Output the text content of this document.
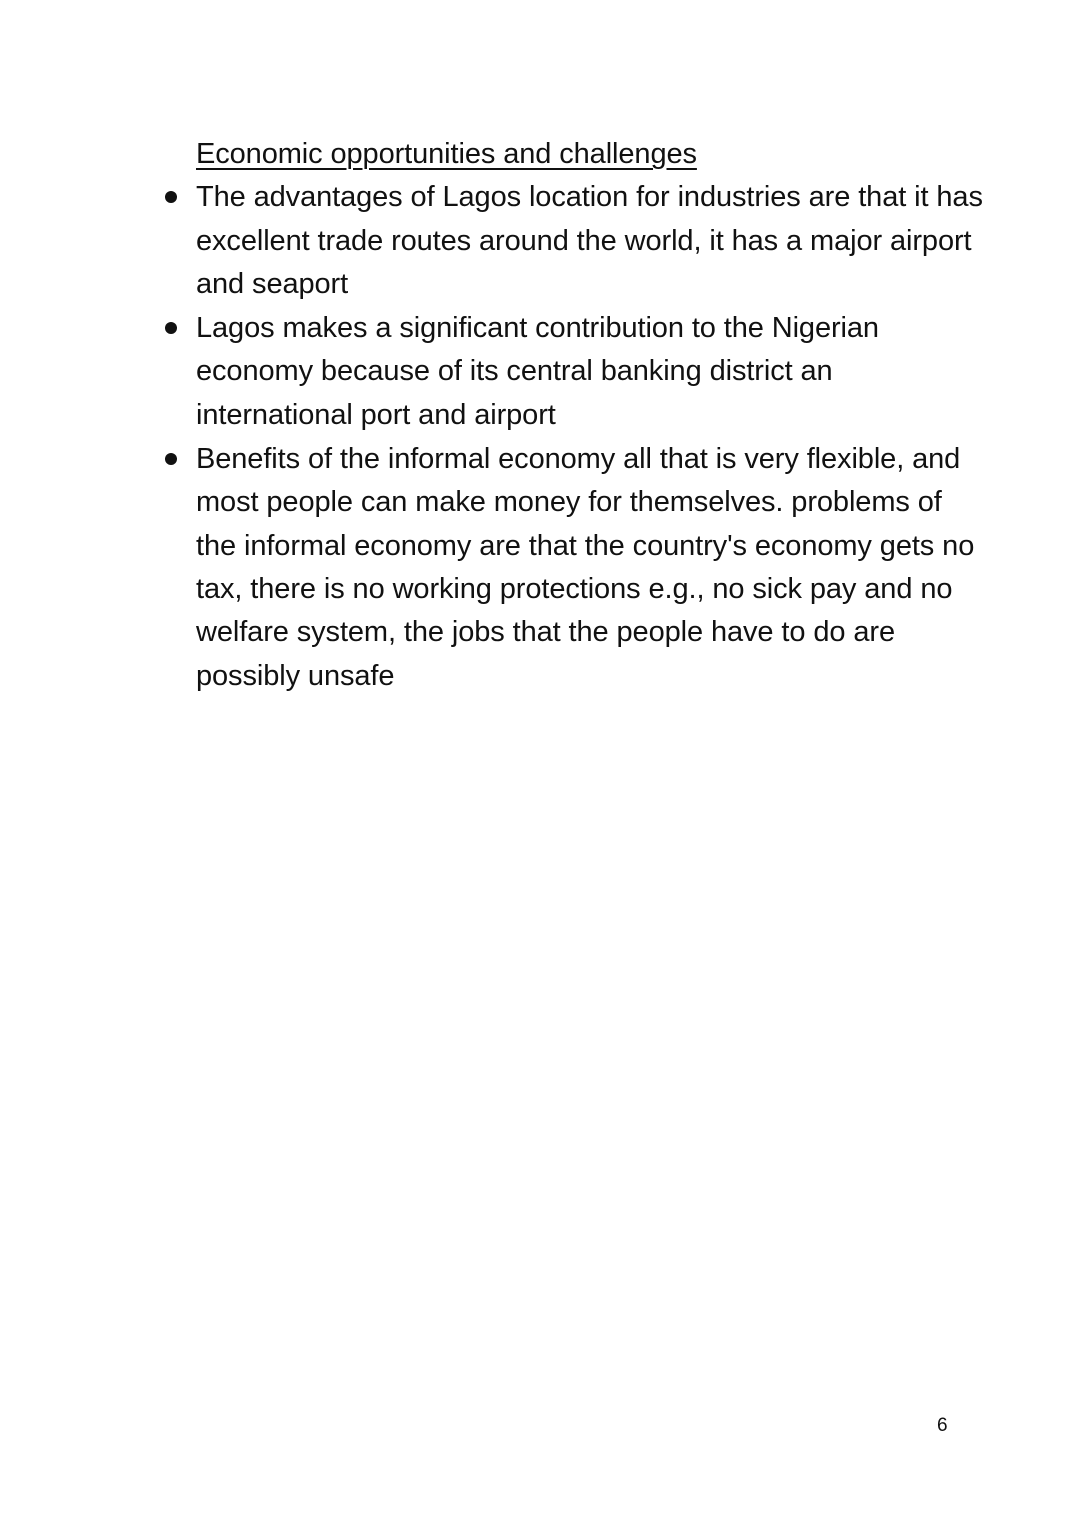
Economic opportunities and challenges
The advantages of Lagos location for industries are that it has excellent trade routes around the world, it has a major airport and seaport
Lagos makes a significant contribution to the Nigerian economy because of its central banking district an international port and airport
Benefits of the informal economy all that is very flexible, and most people can make money for themselves. problems of the informal economy are that the country's economy gets no tax, there is no working protections e.g., no sick pay and no welfare system, the jobs that the people have to do are possibly unsafe
6
